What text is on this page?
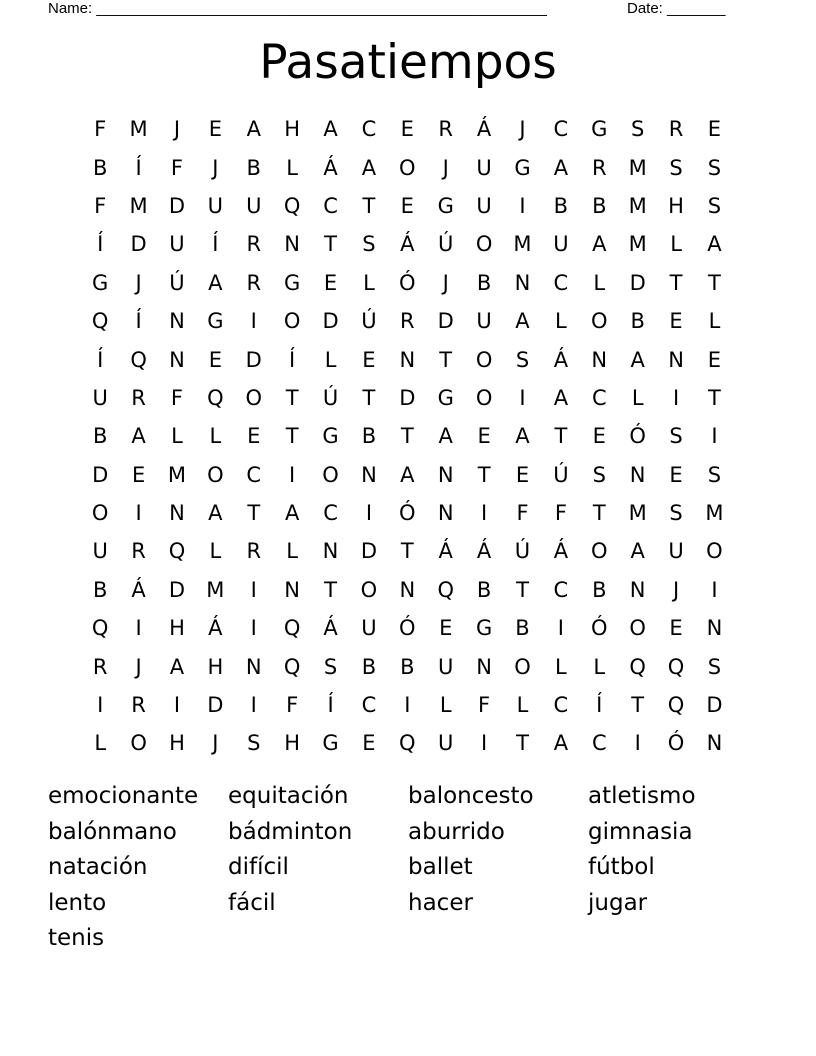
Name: ______________________________________________________	Date: _______
Pasatiempos
F	M	J	E	A	H	A	C	E	R	Á	J	C	G	S	R	E
B	Í	F	J	B	L	Á	A	O	J	U	G	A	R	M	S	S
F	M	D	U	U	Q	C	T	E	G	U	I	B	B	M	H	S
Í	D	U	Í	R	N	T	S	Á	Ú	O	M	U	A	M	L	A
G	J	Ú	A	R	G	E	L	Ó	J	B	N	C	L	D	T	T
Q	Í	N	G	I	O	D	Ú	R	D	U	A	L	O	B	E	L
Í	Q	N	E	D	Í	L	E	N	T	O	S	Á	N	A	N	E
U	R	F	Q	O	T	Ú	T	D	G	O	I	A	C	L	I	T
B	A	L	L	E	T	G	B	T	A	E	A	T	E	Ó	S	I
D	E	M	O	C	I	O	N	A	N	T	E	Ú	S	N	E	S
O	I	N	A	T	A	C	I	Ó	N	I	F	F	T	M	S	M
U	R	Q	L	R	L	N	D	T	Á	Á	Ú	Á	O	A	U	O
B	Á	D	M	I	N	T	O	N	Q	B	T	C	B	N	J	I
Q	I	H	Á	I	Q	Á	U	Ó	E	G	B	I	Ó	O	E	N
R	J	A	H	N	Q	S	B	B	U	N	O	L	L	Q	Q	S
I	R	I	D	I	F	Í	C	I	L	F	L	C	Í	T	Q	D
L	O	H	J	S	H	G	E	Q	U	I	T	A	C	I	Ó	N
emocionante	equitación	baloncesto	atletismo
balónmano	bádminton	aburrido	gimnasia
natación	difícil	ballet	fútbol
lento	fácil	hacer	jugar
tenis
